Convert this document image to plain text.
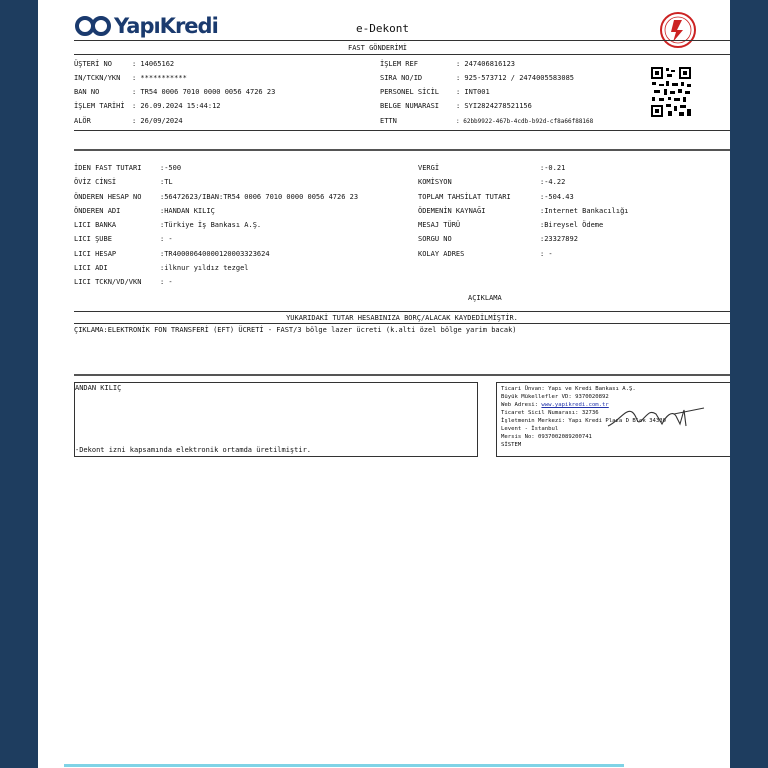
YapıKredi	e-Dekont
FAST GÖNDERİMİ
ÜŞTERİ NO	: 14065162
IN/TCKN/YKN : ***********
BAN NO	: TR54 0006 7010 0000 0056 4726 23
İŞLEM TARİHİ : 26.09.2024 15:44:12
ALÖR	: 26/09/2024
İŞLEM REF	: 247406816123
SIRA NO/ID	: 925-573712 / 2474005583085
PERSONEL SİCİL : INT001
BELGE NUMARASI : SYI2824278521156
ETTN	: 62bb9922-467b-4cdb-b92d-cf8a66f88168
İDEN FAST TUTARI	:-500
ÖVİZ CİNSİ	:TL
ÖNDEREN HESAP NO	:56472623/IBAN:TR54 0006 7010 0000 0056 4726 23
ÖNDEREN ADI	:HANDAN KILIÇ
LICI BANKA	:Türkiye İş Bankası A.Ş.
LICI ŞUBE	: -
LICI HESAP	:TR400006400001200033236​24
LICI ADI	:ilknur yıldız tezgel
LICI TCKN/VD/VKN	: -
VERGİ	:-0.21
KOMİSYON	:-4.22
TOPLAM TAHSİLAT TUTARI	:-504.43
ÖDEMENİN KAYNAĞI	:Internet Bankacılığı
MESAJ TÜRÜ	:Bireysel Ödeme
SORGU NO	:23327892
KOLAY ADRES	: -
AÇIKLAMA
YUKARIDAKİ TUTAR HESABINIZA BORÇ/ALACAK KAYDEDİLMİŞTİR.
ÇIKLAMA:ELEKTRONİK FON TRANSFERİ (EFT) ÜCRETİ - FAST/3 bölge lazer ücreti (k.alti özel bölge yarim bacak)
ANDAN KILIÇ
-Dekont izni kapsamında elektronik ortamda üretilmiştir.
Ticari Ünvan: Yapı ve Kredi Bankası A.Ş.
Büyük Mükellefler VD: 9370020892
Web Adresi: www.yapikredi.com.tr
Ticaret Sicil Numarası: 32736
İşletmenin Merkezi: Yapı Kredi Plaza D Blok 34330
Levent - İstanbul
Mersis No: 0937002089200741
SİSTEM
